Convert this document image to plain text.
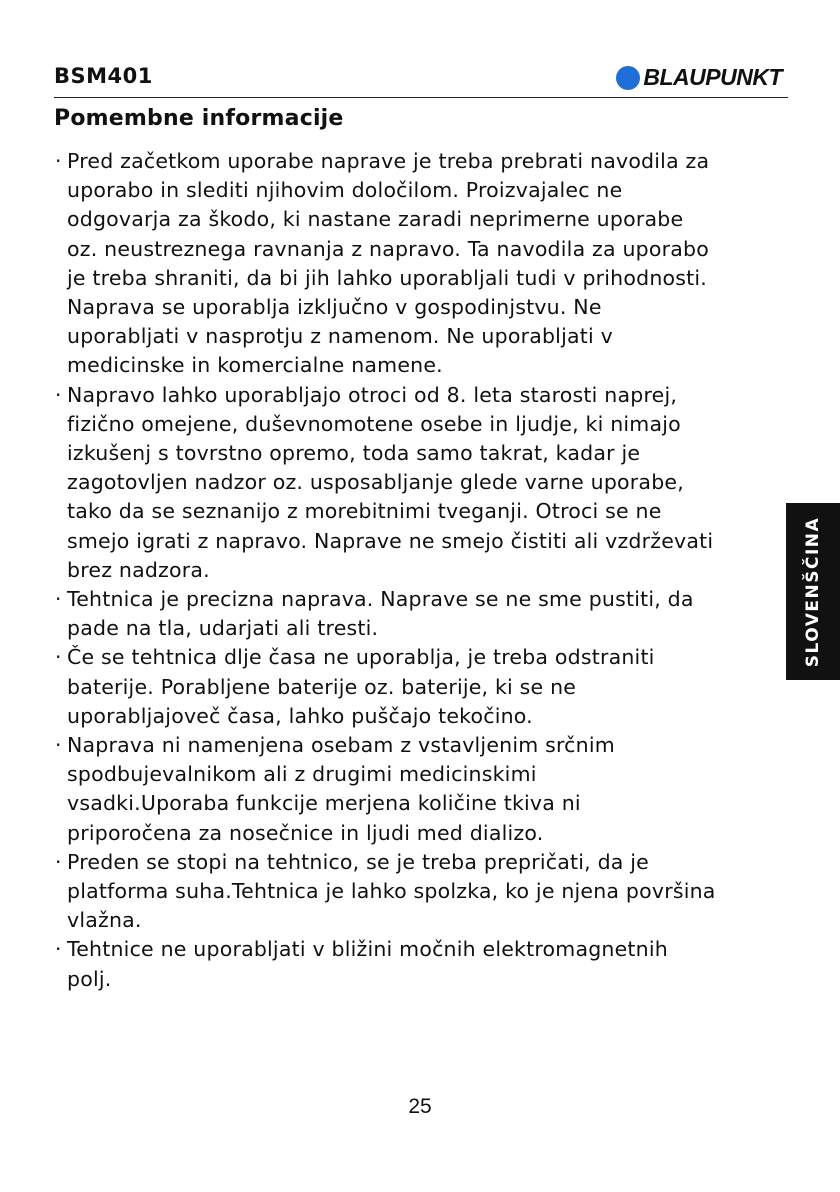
BSM401	BLAUPUNKT
Pomembne informacije
· Pred začetkom uporabe naprave je treba prebrati navodila za
uporabo in slediti njihovim določilom. Proizvajalec ne
odgovarja za škodo, ki nastane zaradi neprimerne uporabe
oz. neustreznega ravnanja z napravo. Ta navodila za uporabo
je treba shraniti, da bi jih lahko uporabljali tudi v prihodnosti.
Naprava se uporablja izključno v gospodinjstvu. Ne
uporabljati v nasprotju z namenom. Ne uporabljati v
medicinske in komercialne namene.
· Napravo lahko uporabljajo otroci od 8. leta starosti naprej,
fizično omejene, duševnomotene osebe in ljudje, ki nimajo
izkušenj s tovrstno opremo, toda samo takrat, kadar je
zagotovljen nadzor oz. usposabljanje glede varne uporabe,
tako da se seznanijo z morebitnimi tveganji. Otroci se ne
smejo igrati z napravo. Naprave ne smejo čistiti ali vzdrževati
brez nadzora.
· Tehtnica je precizna naprava. Naprave se ne sme pustiti, da
pade na tla, udarjati ali tresti.
· Če se tehtnica dlje časa ne uporablja, je treba odstraniti
baterije. Porabljene baterije oz. baterije, ki se ne
uporabljajoveč časa, lahko puščajo tekočino.
· Naprava ni namenjena osebam z vstavljenim srčnim
spodbujevalnikom ali z drugimi medicinskimi
vsadki.Uporaba funkcije merjena količine tkiva ni
priporočena za nosečnice in ljudi med dializo.
· Preden se stopi na tehtnico, se je treba prepričati, da je
platforma suha.Tehtnica je lahko spolzka, ko je njena površina
vlažna.
· Tehtnice ne uporabljati v bližini močnih elektromagnetnih
polj.
SLOVENŠČINA
25
